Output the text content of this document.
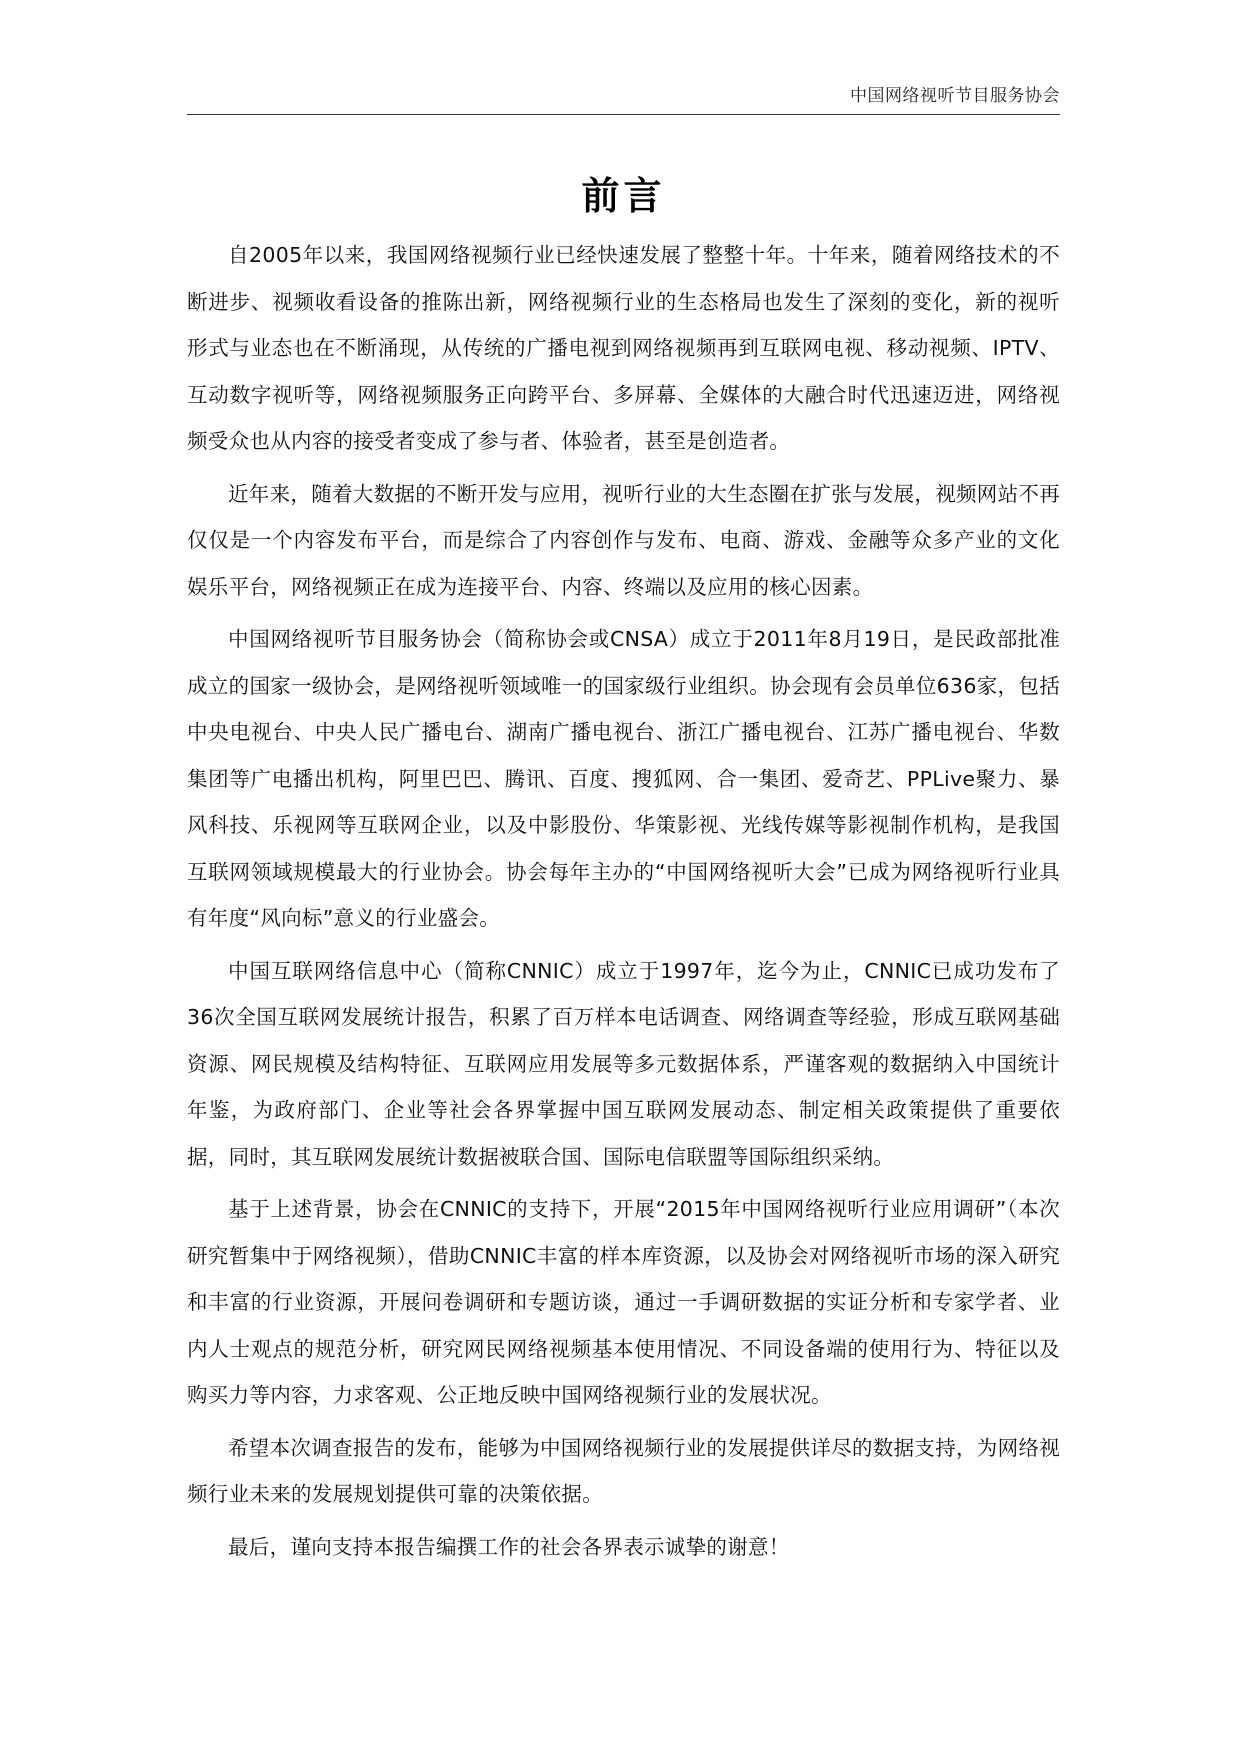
中国网络视听节目服务协会
前言

自2005年以来，我国网络视频行业已经快速发展了整整十年。十年来，随着网络技术的不断进步、视频收看设备的推陈出新，网络视频行业的生态格局也发生了深刻的变化，新的视听形式与业态也在不断涌现，从传统的广播电视到网络视频再到互联网电视、移动视频、IPTV、互动数字视听等，网络视频服务正向跨平台、多屏幕、全媒体的大融合时代迅速迈进，网络视频受众也从内容的接受者变成了参与者、体验者，甚至是创造者。

近年来，随着大数据的不断开发与应用，视听行业的大生态圈在扩张与发展，视频网站不再仅仅是一个内容发布平台，而是综合了内容创作与发布、电商、游戏、金融等众多产业的文化娱乐平台，网络视频正在成为连接平台、内容、终端以及应用的核心因素。

中国网络视听节目服务协会（简称协会或CNSA）成立于2011年8月19日，是民政部批准成立的国家一级协会，是网络视听领域唯一的国家级行业组织。协会现有会员单位636家，包括中央电视台、中央人民广播电台、湖南广播电视台、浙江广播电视台、江苏广播电视台、华数集团等广电播出机构，阿里巴巴、腾讯、百度、搜狐网、合一集团、爱奇艺、PPLive聚力、暴风科技、乐视网等互联网企业，以及中影股份、华策影视、光线传媒等影视制作机构，是我国互联网领域规模最大的行业协会。协会每年主办的“中国网络视听大会”已成为网络视听行业具有年度“风向标”意义的行业盛会。

中国互联网络信息中心（简称CNNIC）成立于1997年，迄今为止，CNNIC已成功发布了36次全国互联网发展统计报告，积累了百万样本电话调查、网络调查等经验，形成互联网基础资源、网民规模及结构特征、互联网应用发展等多元数据体系，严谨客观的数据纳入中国统计年鉴，为政府部门、企业等社会各界掌握中国互联网发展动态、制定相关政策提供了重要依据，同时，其互联网发展统计数据被联合国、国际电信联盟等国际组织采纳。

基于上述背景，协会在CNNIC的支持下，开展“2015年中国网络视听行业应用调研”（本次研究暂集中于网络视频），借助CNNIC丰富的样本库资源，以及协会对网络视听市场的深入研究和丰富的行业资源，开展问卷调研和专题访谈，通过一手调研数据的实证分析和专家学者、业内人士观点的规范分析，研究网民网络视频基本使用情况、不同设备端的使用行为、特征以及购买力等内容，力求客观、公正地反映中国网络视频行业的发展状况。

希望本次调查报告的发布，能够为中国网络视频行业的发展提供详尽的数据支持，为网络视频行业未来的发展规划提供可靠的决策依据。

最后，谨向支持本报告编撰工作的社会各界表示诚挚的谢意！
